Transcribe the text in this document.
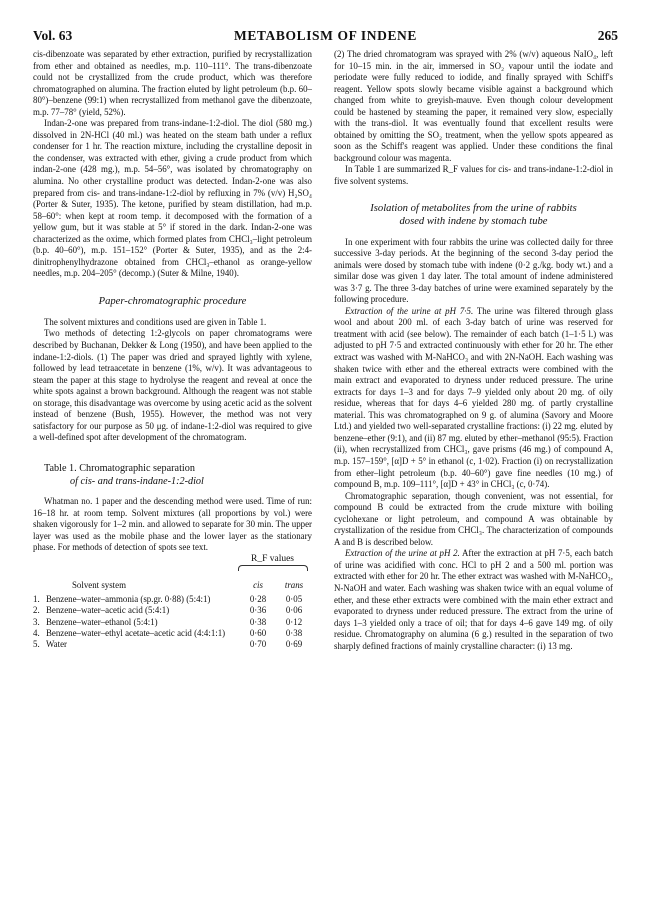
Vol. 63	METABOLISM OF INDENE	265

cis-dibenzoate was separated by ether extraction, purified by recrystallization from ether and obtained as needles, m.p. 110–111°. The trans-dibenzoate could not be crystallized from the crude product, which was therefore chromatographed on alumina. The fraction eluted by light petroleum (b.p. 60–80°)–benzene (99:1) when recrystallized from methanol gave the dibenzoate, m.p. 77–78° (yield, 52%).

Indan-2-one was prepared from trans-indane-1:2-diol. The diol (580 mg.) dissolved in 2N-HCl (40 ml.) was heated on the steam bath under a reflux condenser for 1 hr. The reaction mixture, including the crystalline deposit in the condenser, was extracted with ether, giving a crude product from which indan-2-one (428 mg.), m.p. 54–56°, was isolated by chromatography on alumina. No other crystalline product was detected. Indan-2-one was also prepared from cis- and trans-indane-1:2-diol by refluxing in 7% (v/v) H₂SO₄ (Porter & Suter, 1935). The ketone, purified by steam distillation, had m.p. 58–60°: when kept at room temp. it decomposed with the formation of a yellow gum, but it was stable at 5° if stored in the dark. Indan-2-one was characterized as the oxime, which formed plates from CHCl₃–light petroleum (b.p. 40–60°), m.p. 151–152° (Porter & Suter, 1935), and as the 2:4-dinitrophenylhydrazone obtained from CHCl₃–ethanol as orange-yellow needles, m.p. 204–205° (decomp.) (Suter & Milne, 1940).

Paper-chromatographic procedure

The solvent mixtures and conditions used are given in Table 1.

Two methods of detecting 1:2-glycols on paper chromatograms were described by Buchanan, Dekker & Long (1950), and have been applied to the indane-1:2-diols. (1) The paper was dried and sprayed lightly with xylene, followed by lead tetraacetate in benzene (1%, w/v). It was advantageous to steam the paper at this stage to hydrolyse the reagent and reveal at once the white spots against a brown background. Although the reagent was not stable on storage, this disadvantage was overcome by using acetic acid as the solvent instead of benzene (Bush, 1955). However, the method was not very satisfactory for our purpose as 50 μg. of indane-1:2-diol was required to give a well-defined spot after development of the chromatogram.

Table 1. Chromatographic separation
of cis- and trans-indane-1:2-diol

Whatman no. 1 paper and the descending method were used. Time of run: 16–18 hr. at room temp. Solvent mixtures (all proportions by vol.) were shaken vigorously for 1–2 min. and allowed to separate for 30 min. The upper layer was used as the mobile phase and the lower layer as the stationary phase. For methods of detection of spots see text.

R_F values
	Solvent system	cis	trans
1.	Benzene–water–ammonia (sp.gr. 0·88) (5:4:1)	0·28	0·05
2.	Benzene–water–acetic acid (5:4:1)	0·36	0·06
3.	Benzene–water–ethanol (5:4:1)	0·38	0·12
4.	Benzene–water–ethyl acetate–acetic acid (4:4:1:1)	0·60	0·38
5.	Water	0·70	0·69

(2) The dried chromatogram was sprayed with 2% (w/v) aqueous NaIO₄, left for 10–15 min. in the air, immersed in SO₂ vapour until the iodate and periodate were fully reduced to iodide, and finally sprayed with Schiff's reagent. Yellow spots slowly became visible against a background which changed from white to greyish-mauve. Even though colour development could be hastened by steaming the paper, it remained very slow, especially with the trans-diol. It was eventually found that excellent results were obtained by omitting the SO₂ treatment, when the yellow spots appeared as soon as the Schiff's reagent was applied. Under these conditions the final background colour was magenta.

In Table 1 are summarized R_F values for cis- and trans-indane-1:2-diol in five solvent systems.

Isolation of metabolites from the urine of rabbits
dosed with indene by stomach tube

In one experiment with four rabbits the urine was collected daily for three successive 3-day periods. At the beginning of the second 3-day period the animals were dosed by stomach tube with indene (0·2 g./kg. body wt.) and a similar dose was given 1 day later. The total amount of indene administered was 3·7 g. The three 3-day batches of urine were examined separately by the following procedure.

Extraction of the urine at pH 7·5. The urine was filtered through glass wool and about 200 ml. of each 3-day batch of urine was reserved for treatment with acid (see below). The remainder of each batch (1–1·5 l.) was adjusted to pH 7·5 and extracted continuously with ether for 20 hr. The ether extract was washed with M-NaHCO₃ and with 2N-NaOH. Each washing was shaken twice with ether and the ethereal extracts were combined with the main extract and evaporated to dryness under reduced pressure. The urine extracts for days 1–3 and for days 7–9 yielded only about 20 mg. of oily residue, whereas that for days 4–6 yielded 280 mg. of partly crystalline material. This was chromatographed on 9 g. of alumina (Savory and Moore Ltd.) and yielded two well-separated crystalline fractions: (i) 22 mg. eluted by benzene–ether (9:1), and (ii) 87 mg. eluted by ether–methanol (95:5). Fraction (ii), when recrystallized from CHCl₃, gave prisms (46 mg.) of compound A, m.p. 157–159°, [α]D + 5° in ethanol (c, 1·02). Fraction (i) on recrystallization from ether–light petroleum (b.p. 40–60°) gave fine needles (10 mg.) of compound B, m.p. 109–111°, [α]D + 43° in CHCl₃ (c, 0·74).

Chromatographic separation, though convenient, was not essential, for compound B could be extracted from the crude mixture with boiling cyclohexane or light petroleum, and compound A was obtainable by crystallization of the residue from CHCl₃. The characterization of compounds A and B is described below.

Extraction of the urine at pH 2. After the extraction at pH 7·5, each batch of urine was acidified with conc. HCl to pH 2 and a 500 ml. portion was extracted with ether for 20 hr. The ether extract was washed with M-NaHCO₃, N-NaOH and water. Each washing was shaken twice with an equal volume of ether, and these ether extracts were combined with the main ether extract and evaporated to dryness under reduced pressure. The extract from the urine of days 1–3 yielded only a trace of oil; that for days 4–6 gave 149 mg. of oily residue. Chromatography on alumina (6 g.) resulted in the separation of two sharply defined fractions of mainly crystalline character: (i) 13 mg.
